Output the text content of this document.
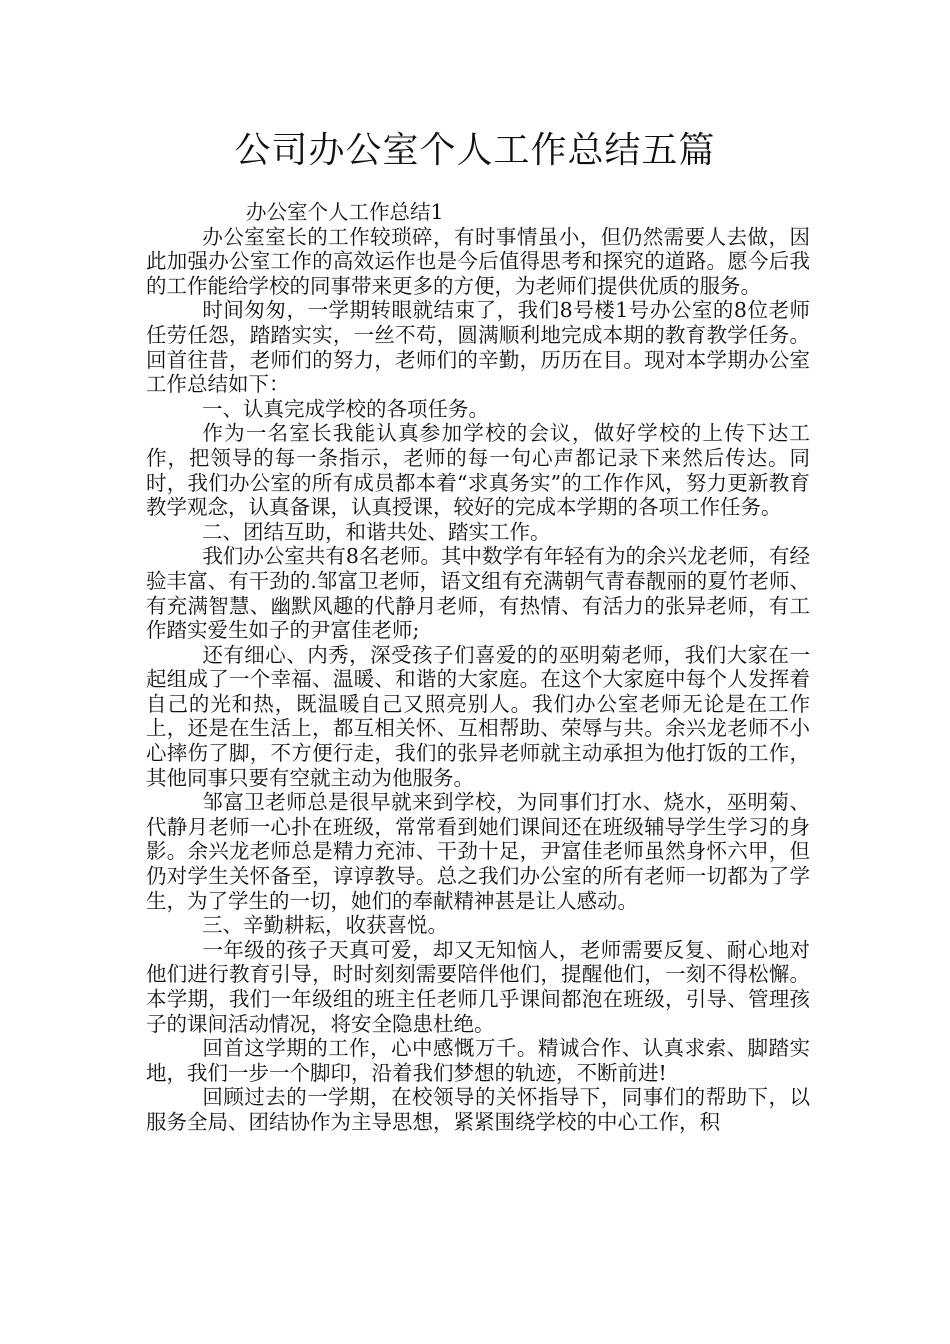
公司办公室个人工作总结五篇

办公室个人工作总结1

办公室室长的工作较琐碎，有时事情虽小，但仍然需要人去做，因此加强办公室工作的高效运作也是今后值得思考和探究的道路。愿今后我的工作能给学校的同事带来更多的方便，为老师们提供优质的服务。

时间匆匆，一学期转眼就结束了，我们8号楼1号办公室的8位老师任劳任怨，踏踏实实，一丝不苟，圆满顺利地完成本期的教育教学任务。回首往昔，老师们的努力，老师们的辛勤，历历在目。现对本学期办公室工作总结如下：

一、认真完成学校的各项任务。

作为一名室长我能认真参加学校的会议，做好学校的上传下达工作，把领导的每一条指示，老师的每一句心声都记录下来然后传达。同时，我们办公室的所有成员都本着“求真务实”的工作作风，努力更新教育教学观念，认真备课，认真授课，较好的完成本学期的各项工作任务。

二、团结互助，和谐共处、踏实工作。

我们办公室共有8名老师。其中数学有年轻有为的余兴龙老师，有经验丰富、有干劲的.邹富卫老师，语文组有充满朝气青春靓丽的夏竹老师、有充满智慧、幽默风趣的代静月老师，有热情、有活力的张异老师，有工作踏实爱生如子的尹富佳老师;

还有细心、内秀，深受孩子们喜爱的的巫明菊老师，我们大家在一起组成了一个幸福、温暖、和谐的大家庭。在这个大家庭中每个人发挥着自己的光和热，既温暖自己又照亮别人。我们办公室老师无论是在工作上，还是在生活上，都互相关怀、互相帮助、荣辱与共。余兴龙老师不小心摔伤了脚，不方便行走，我们的张异老师就主动承担为他打饭的工作，其他同事只要有空就主动为他服务。

邹富卫老师总是很早就来到学校，为同事们打水、烧水，巫明菊、代静月老师一心扑在班级，常常看到她们课间还在班级辅导学生学习的身影。余兴龙老师总是精力充沛、干劲十足，尹富佳老师虽然身怀六甲，但仍对学生关怀备至，谆谆教导。总之我们办公室的所有老师一切都为了学生，为了学生的一切，她们的奉献精神甚是让人感动。

三、辛勤耕耘，收获喜悦。

一年级的孩子天真可爱，却又无知恼人，老师需要反复、耐心地对他们进行教育引导，时时刻刻需要陪伴他们，提醒他们，一刻不得松懈。本学期，我们一年级组的班主任老师几乎课间都泡在班级，引导、管理孩子的课间活动情况，将安全隐患杜绝。

回首这学期的工作，心中感慨万千。精诚合作、认真求索、脚踏实地，我们一步一个脚印，沿着我们梦想的轨迹，不断前进!

回顾过去的一学期，在校领导的关怀指导下，同事们的帮助下，以服务全局、团结协作为主导思想，紧紧围绕学校的中心工作，积
